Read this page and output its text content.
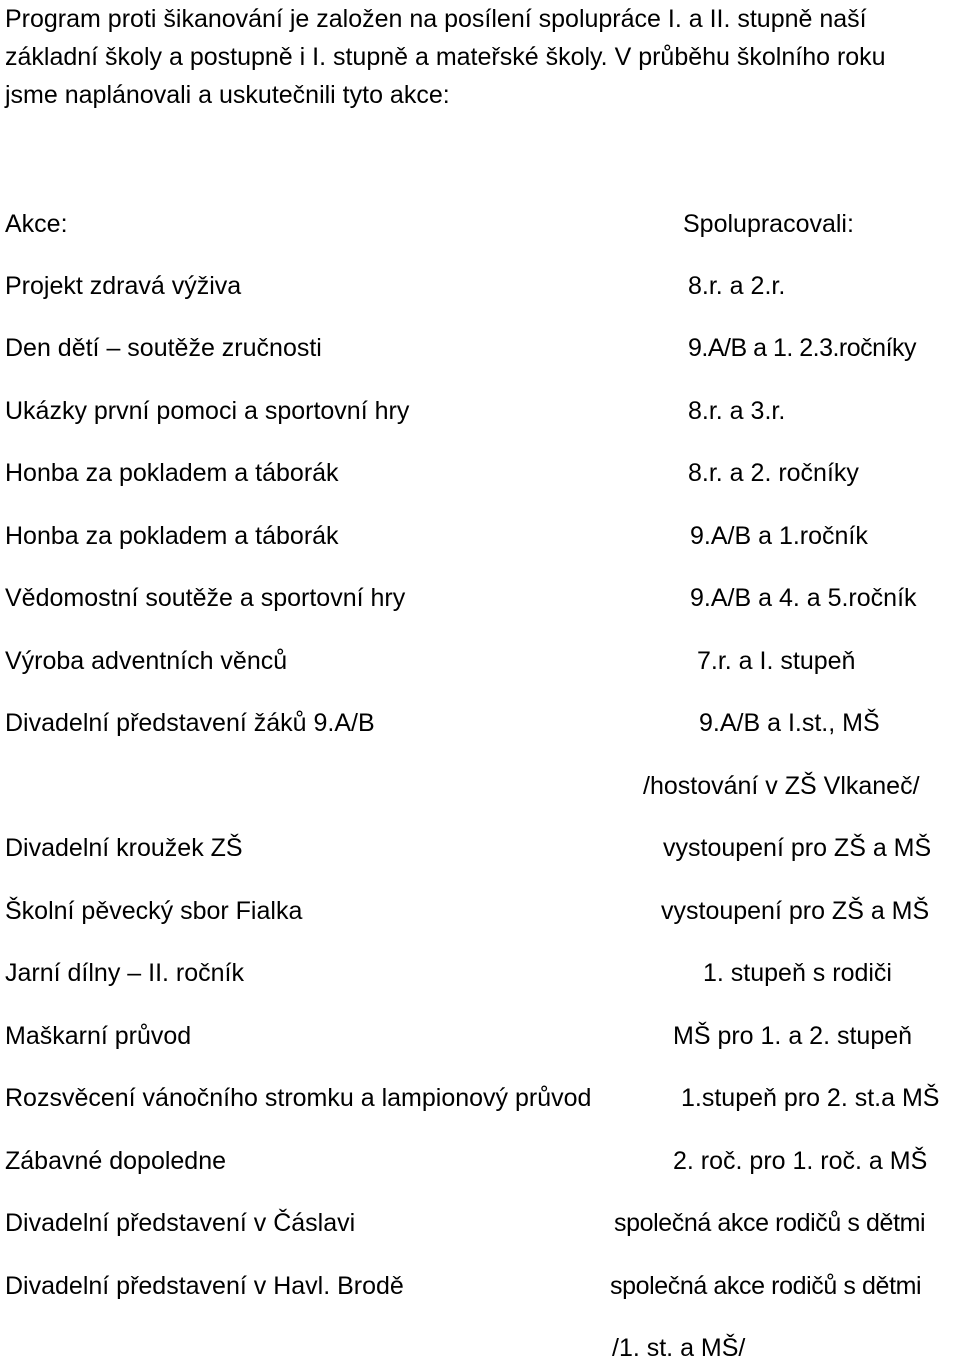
Program proti šikanování je založen na posílení spolupráce I. a II. stupně naší

základní školy a postupně i I. stupně a mateřské školy. V průběhu školního roku

jsme naplánovali a uskutečnili tyto akce:

Akce:	Spolupracovali:
Projekt zdravá výživa
Den dětí – soutěže zručnosti
Ukázky první pomoci a sportovní hry
Honba za pokladem a táborák
Honba za pokladem a táborák
Vědomostní soutěže a sportovní hry
Výroba adventních věnců
Divadelní představení žáků 9.A/B
Divadelní kroužek ZŠ
Školní pěvecký sbor Fialka
Jarní dílny – II. ročník
Maškarní průvod
Rozsvěcení vánočního stromku a lampionový průvod
Zábavné dopoledne
Divadelní představení v Čáslavi
Divadelní představení v Havl. Brodě
8.r. a 2.r.
9.A/B a 1. 2.3.ročníky
8.r. a 3.r.
8.r. a 2. ročníky
9.A/B a 1.ročník
9.A/B a 4. a 5.ročník
7.r. a I. stupeň
9.A/B a I.st., MŠ
/hostování v ZŠ Vlkaneč/
vystoupení pro ZŠ a MŠ
vystoupení pro ZŠ a MŠ
1. stupeň s rodiči
MŠ pro 1. a 2. stupeň
1.stupeň pro 2. st.a MŠ
2. roč. pro 1. roč. a MŠ
společná akce rodičů s dětmi
společná akce rodičů s dětmi
/1. st. a MŠ/
